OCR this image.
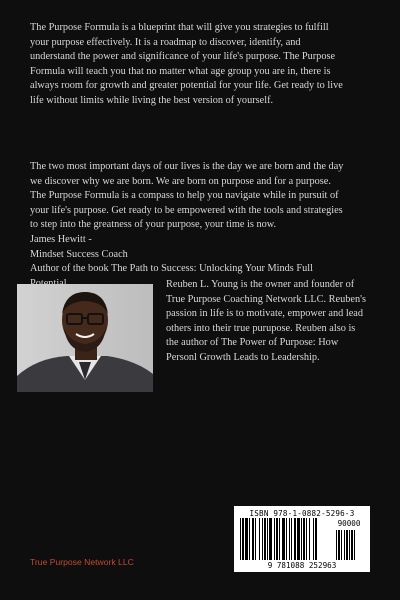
The Purpose Formula is a blueprint that will give you strategies to fulfill
your purpose effectively. It is a roadmap to discover, identify, and
understand the power and significance of your life's purpose. The Purpose
Formula will teach you that no matter what age group you are in, there is
always room for growth and greater potential for your life. Get ready to live
life without limits while living the best version of yourself.

The two most important days of our lives is the day we are born and the day
we discover why we are born. We are born on purpose and for a purpose.
The Purpose Formula is a compass to help you navigate while in pursuit of
your life's purpose. Get ready to be empowered with the tools and strategies
to step into the greatness of your purpose, your time is now.

James Hewitt -
Mindset Success Coach
Author of the book The Path to Success: Unlocking Your Minds Full
Reuben L. Young is the owner and founder of
True Purpose Coaching Network LLC. Reuben's
passion in life is to motivate, empower and lead
others into their true purupose. Reuben also is
the author of The Power of Purpose: How
Personl Growth Leads to Leadership.
ISBN 978-1-0882-5296-3
90000
9 781088 252963
True Purpose Network LLC
